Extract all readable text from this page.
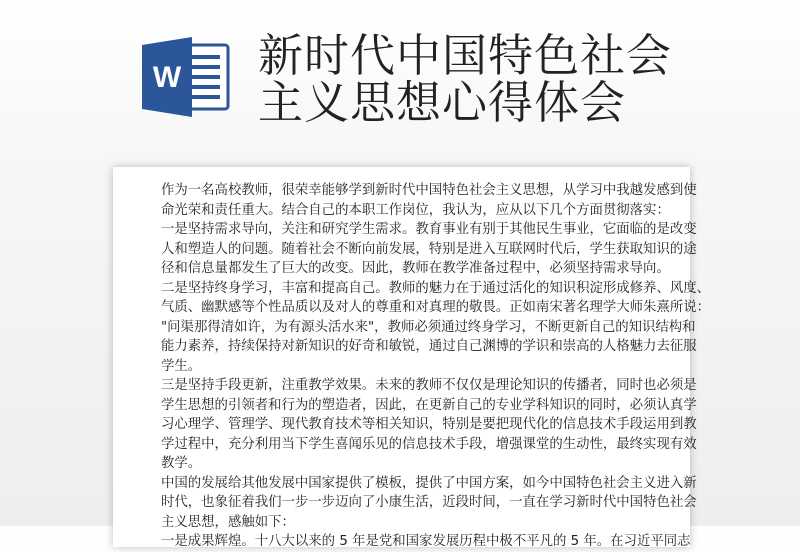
W 新时代中国特色社会
主义思想心得体会
作为一名高校教师，很荣幸能够学到新时代中国特色社会主义思想，从学习中我越发感到使
命光荣和责任重大。结合自己的本职工作岗位，我认为，应从以下几个方面贯彻落实：
一是坚持需求导向，关注和研究学生需求。教育事业有别于其他民生事业，它面临的是改变
人和塑造人的问题。随着社会不断向前发展，特别是进入互联网时代后，学生获取知识的途
径和信息量都发生了巨大的改变。因此，教师在教学准备过程中，必须坚持需求导向。
二是坚持终身学习，丰富和提高自己。教师的魅力在于通过活化的知识积淀形成修养、风度、
气质、幽默感等个性品质以及对人的尊重和对真理的敬畏。正如南宋著名理学大师朱熹所说：
"问渠那得清如许，为有源头活水来"，教师必须通过终身学习，不断更新自己的知识结构和
能力素养，持续保持对新知识的好奇和敏锐，通过自己渊博的学识和崇高的人格魅力去征服
学生。
三是坚持手段更新，注重教学效果。未来的教师不仅仅是理论知识的传播者，同时也必须是
学生思想的引领者和行为的塑造者，因此，在更新自己的专业学科知识的同时，必须认真学
习心理学、管理学、现代教育技术等相关知识，特别是要把现代化的信息技术手段运用到教
学过程中，充分利用当下学生喜闻乐见的信息技术手段，增强课堂的生动性，最终实现有效
教学。
中国的发展给其他发展中国家提供了模板，提供了中国方案，如今中国特色社会主义进入新
时代，也象征着我们一步一步迈向了小康生活，近段时间，一直在学习新时代中国特色社会
主义思想，感触如下：
一是成果辉煌。十八大以来的 5 年是党和国家发展历程中极不平凡的 5 年。在习近平同志
